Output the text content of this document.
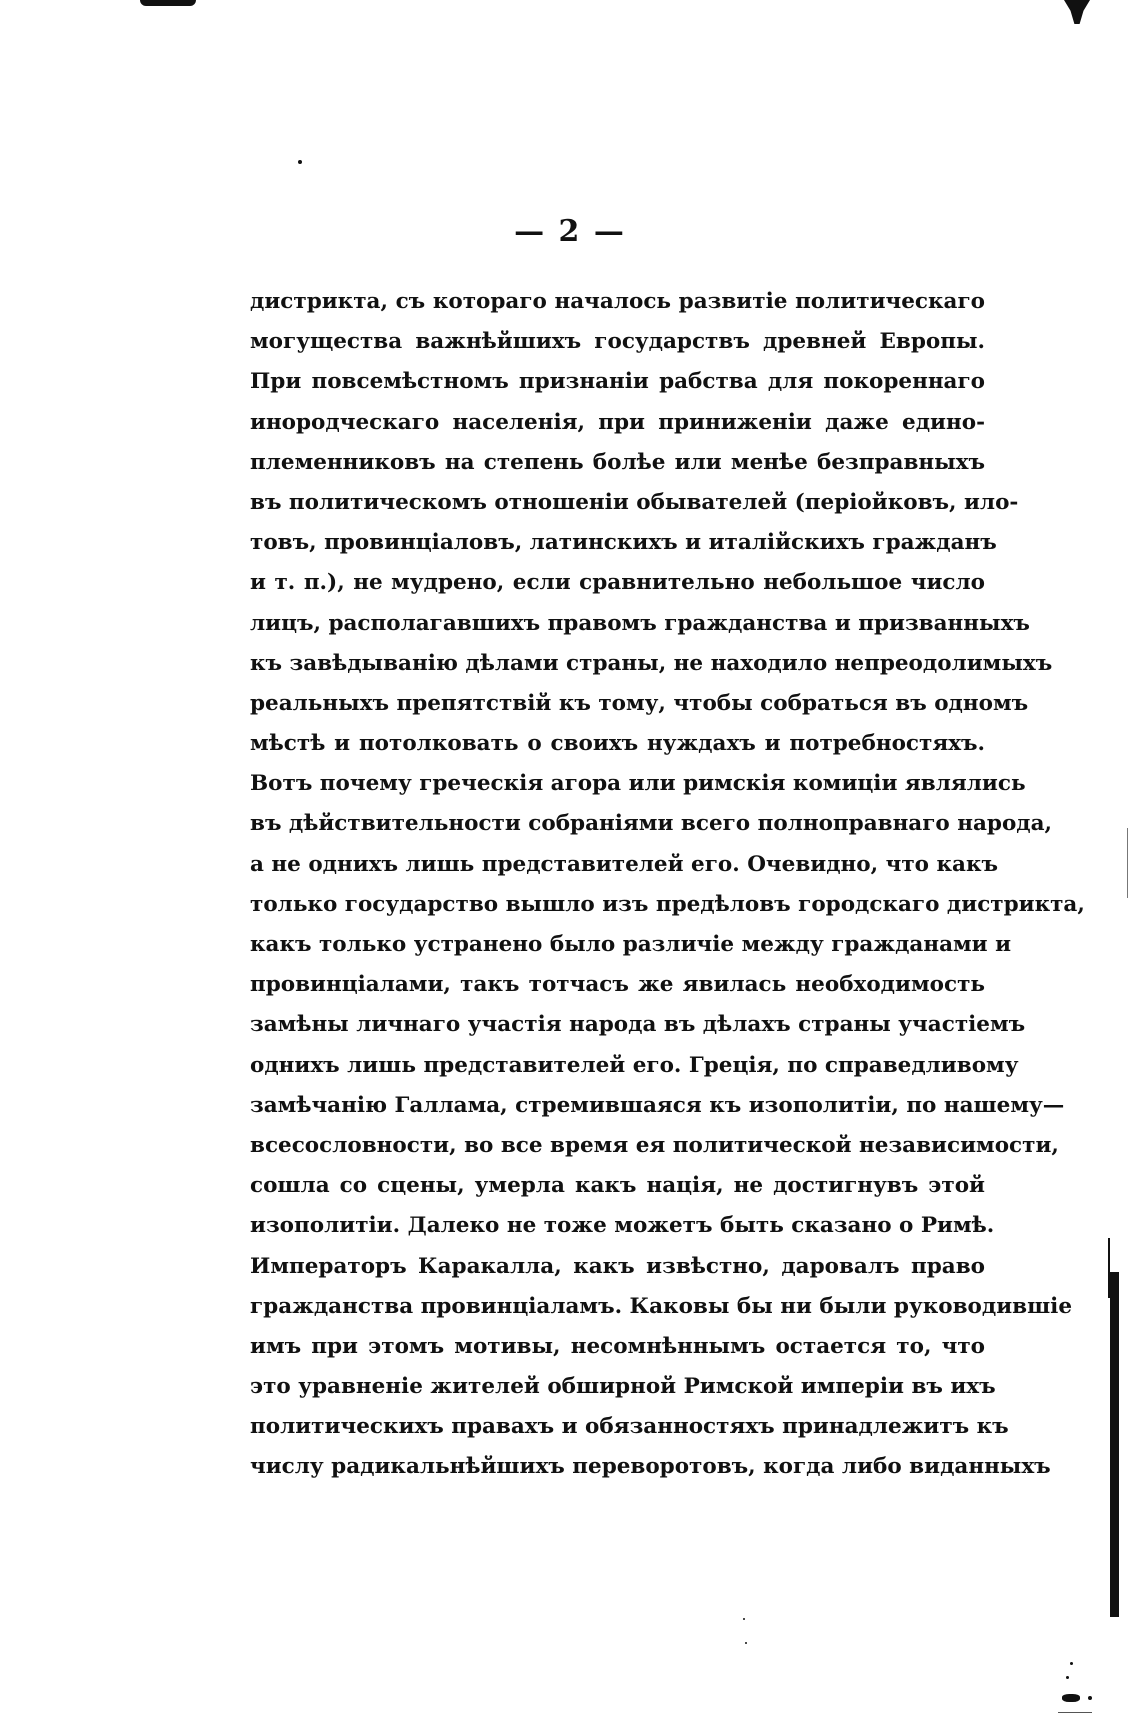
— 2 —
дистрикта, съ котораго началось развитіе политическаго
могущества важнѣйшихъ государствъ древней Европы.
При повсемѣстномъ признаніи рабства для покореннаго
инородческаго населенія, при приниженіи даже едино-
племенниковъ на степень болѣе или менѣе безправныхъ
въ политическомъ отношеніи обывателей (періойковъ, ило-
товъ, провинціаловъ, латинскихъ и италійскихъ гражданъ
и т. п.), не мудрено, если сравнительно небольшое число
лицъ, располагавшихъ правомъ гражданства и призванныхъ
къ завѣдыванію дѣлами страны, не находило непреодолимыхъ
реальныхъ препятствій къ тому, чтобы собраться въ одномъ
мѣстѣ и потолковать о своихъ нуждахъ и потребностяхъ.
Вотъ почему греческія агора или римскія комиціи являлись
въ дѣйствительности собраніями всего полноправнаго народа,
а не однихъ лишь представителей его. Очевидно, что какъ
только государство вышло изъ предѣловъ городскаго дистрикта,
какъ только устранено было различіе между гражданами и
провинціалами, такъ тотчасъ же явилась необходимость
замѣны личнаго участія народа въ дѣлахъ страны участіемъ
однихъ лишь представителей его. Греція, по справедливому
замѣчанію Галлама, стремившаяся къ изополитіи, по нашему—
всесословности, во все время ея политической независимости,
сошла со сцены, умерла какъ нація, не достигнувъ этой
изополитіи. Далеко не тоже можетъ быть сказано о Римѣ.
Императоръ Каракалла, какъ извѣстно, даровалъ право
гражданства провинціаламъ. Каковы бы ни были руководившіе
имъ при этомъ мотивы, несомнѣннымъ остается то, что
это уравненіе жителей обширной Римской имперіи въ ихъ
политическихъ правахъ и обязанностяхъ принадлежитъ къ
числу радикальнѣйшихъ переворотовъ, когда либо виданныхъ
